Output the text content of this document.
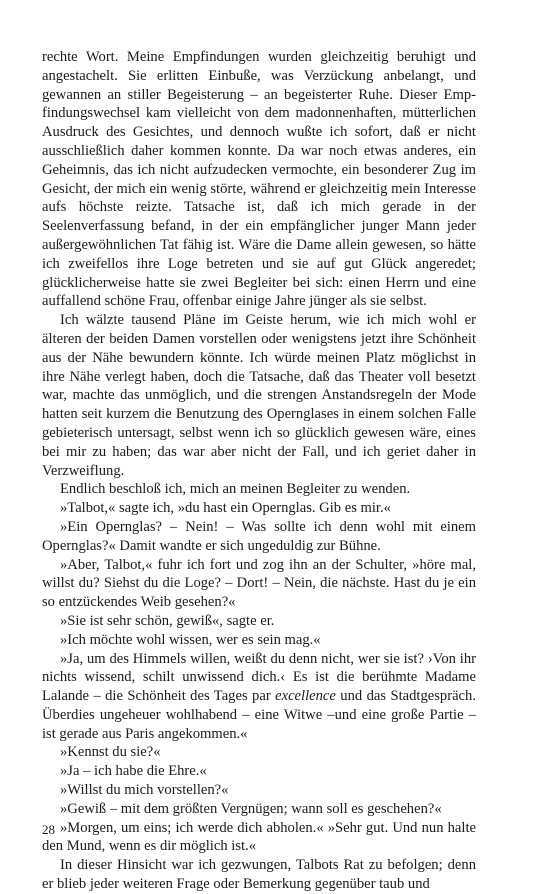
rechte Wort. Meine Empfindungen wurden gleichzeitig beruhigt und angestachelt. Sie erlitten Einbuße, was Verzückung anbelangt, und gewannen an stiller Begeisterung – an begeisterter Ruhe. Dieser Empfindungswechsel kam vielleicht von dem madonnenhaften, mütterlichen Ausdruck des Gesichtes, und dennoch wußte ich sofort, daß er nicht ausschließlich daher kommen konnte. Da war noch etwas anderes, ein Geheimnis, das ich nicht aufzudecken vermochte, ein besonderer Zug im Gesicht, der mich ein wenig störte, während er gleichzeitig mein Interesse aufs höchste reizte. Tatsache ist, daß ich mich gerade in der Seelenverfassung befand, in der ein empfänglicher junger Mann jeder außergewöhnlichen Tat fähig ist. Wäre die Dame allein gewesen, so hätte ich zweifellos ihre Loge betreten und sie auf gut Glück angeredet; glücklicherweise hatte sie zwei Begleiter bei sich: einen Herrn und eine auffallend schöne Frau, offenbar einige Jahre jünger als sie selbst.

Ich wälzte tausend Pläne im Geiste herum, wie ich mich wohl er älteren der beiden Damen vorstellen oder wenigstens jetzt ihre Schönheit aus der Nähe bewundern könnte. Ich würde meinen Platz möglichst in ihre Nähe verlegt haben, doch die Tatsache, daß das Theater voll besetzt war, machte das unmöglich, und die strengen Anstandsregeln der Mode hatten seit kurzem die Benutzung des Opernglases in einem solchen Falle gebieterisch untersagt, selbst wenn ich so glücklich gewesen wäre, eines bei mir zu haben; das war aber nicht der Fall, und ich geriet daher in Verzweiflung.

Endlich beschloß ich, mich an meinen Begleiter zu wenden.

»Talbot,« sagte ich, »du hast ein Opernglas. Gib es mir.«

»Ein Opernglas? – Nein! – Was sollte ich denn wohl mit einem Opernglas?« Damit wandte er sich ungeduldig zur Bühne.

»Aber, Talbot,« fuhr ich fort und zog ihn an der Schulter, »höre mal, willst du? Siehst du die Loge? – Dort! – Nein, die nächste. Hast du je ein so entzückendes Weib gesehen?«

»Sie ist sehr schön, gewiß«, sagte er.

»Ich möchte wohl wissen, wer es sein mag.«

»Ja, um des Himmels willen, weißt du denn nicht, wer sie ist? ›Von ihr nichts wissend, schilt unwissend dich.‹ Es ist die berühmte Madame Lalande – die Schönheit des Tages par excellence und das Stadtgespräch. Überdies ungeheuer wohlhabend – eine Witwe –und eine große Partie – ist gerade aus Paris angekommen.«

»Kennst du sie?«

»Ja – ich habe die Ehre.«

»Willst du mich vorstellen?«

»Gewiß – mit dem größten Vergnügen; wann soll es geschehen?«

»Morgen, um eins; ich werde dich abholen.« »Sehr gut. Und nun halte den Mund, wenn es dir möglich ist.«

In dieser Hinsicht war ich gezwungen, Talbots Rat zu befolgen; denn er blieb jeder weiteren Frage oder Bemerkung gegenüber taub und

28
